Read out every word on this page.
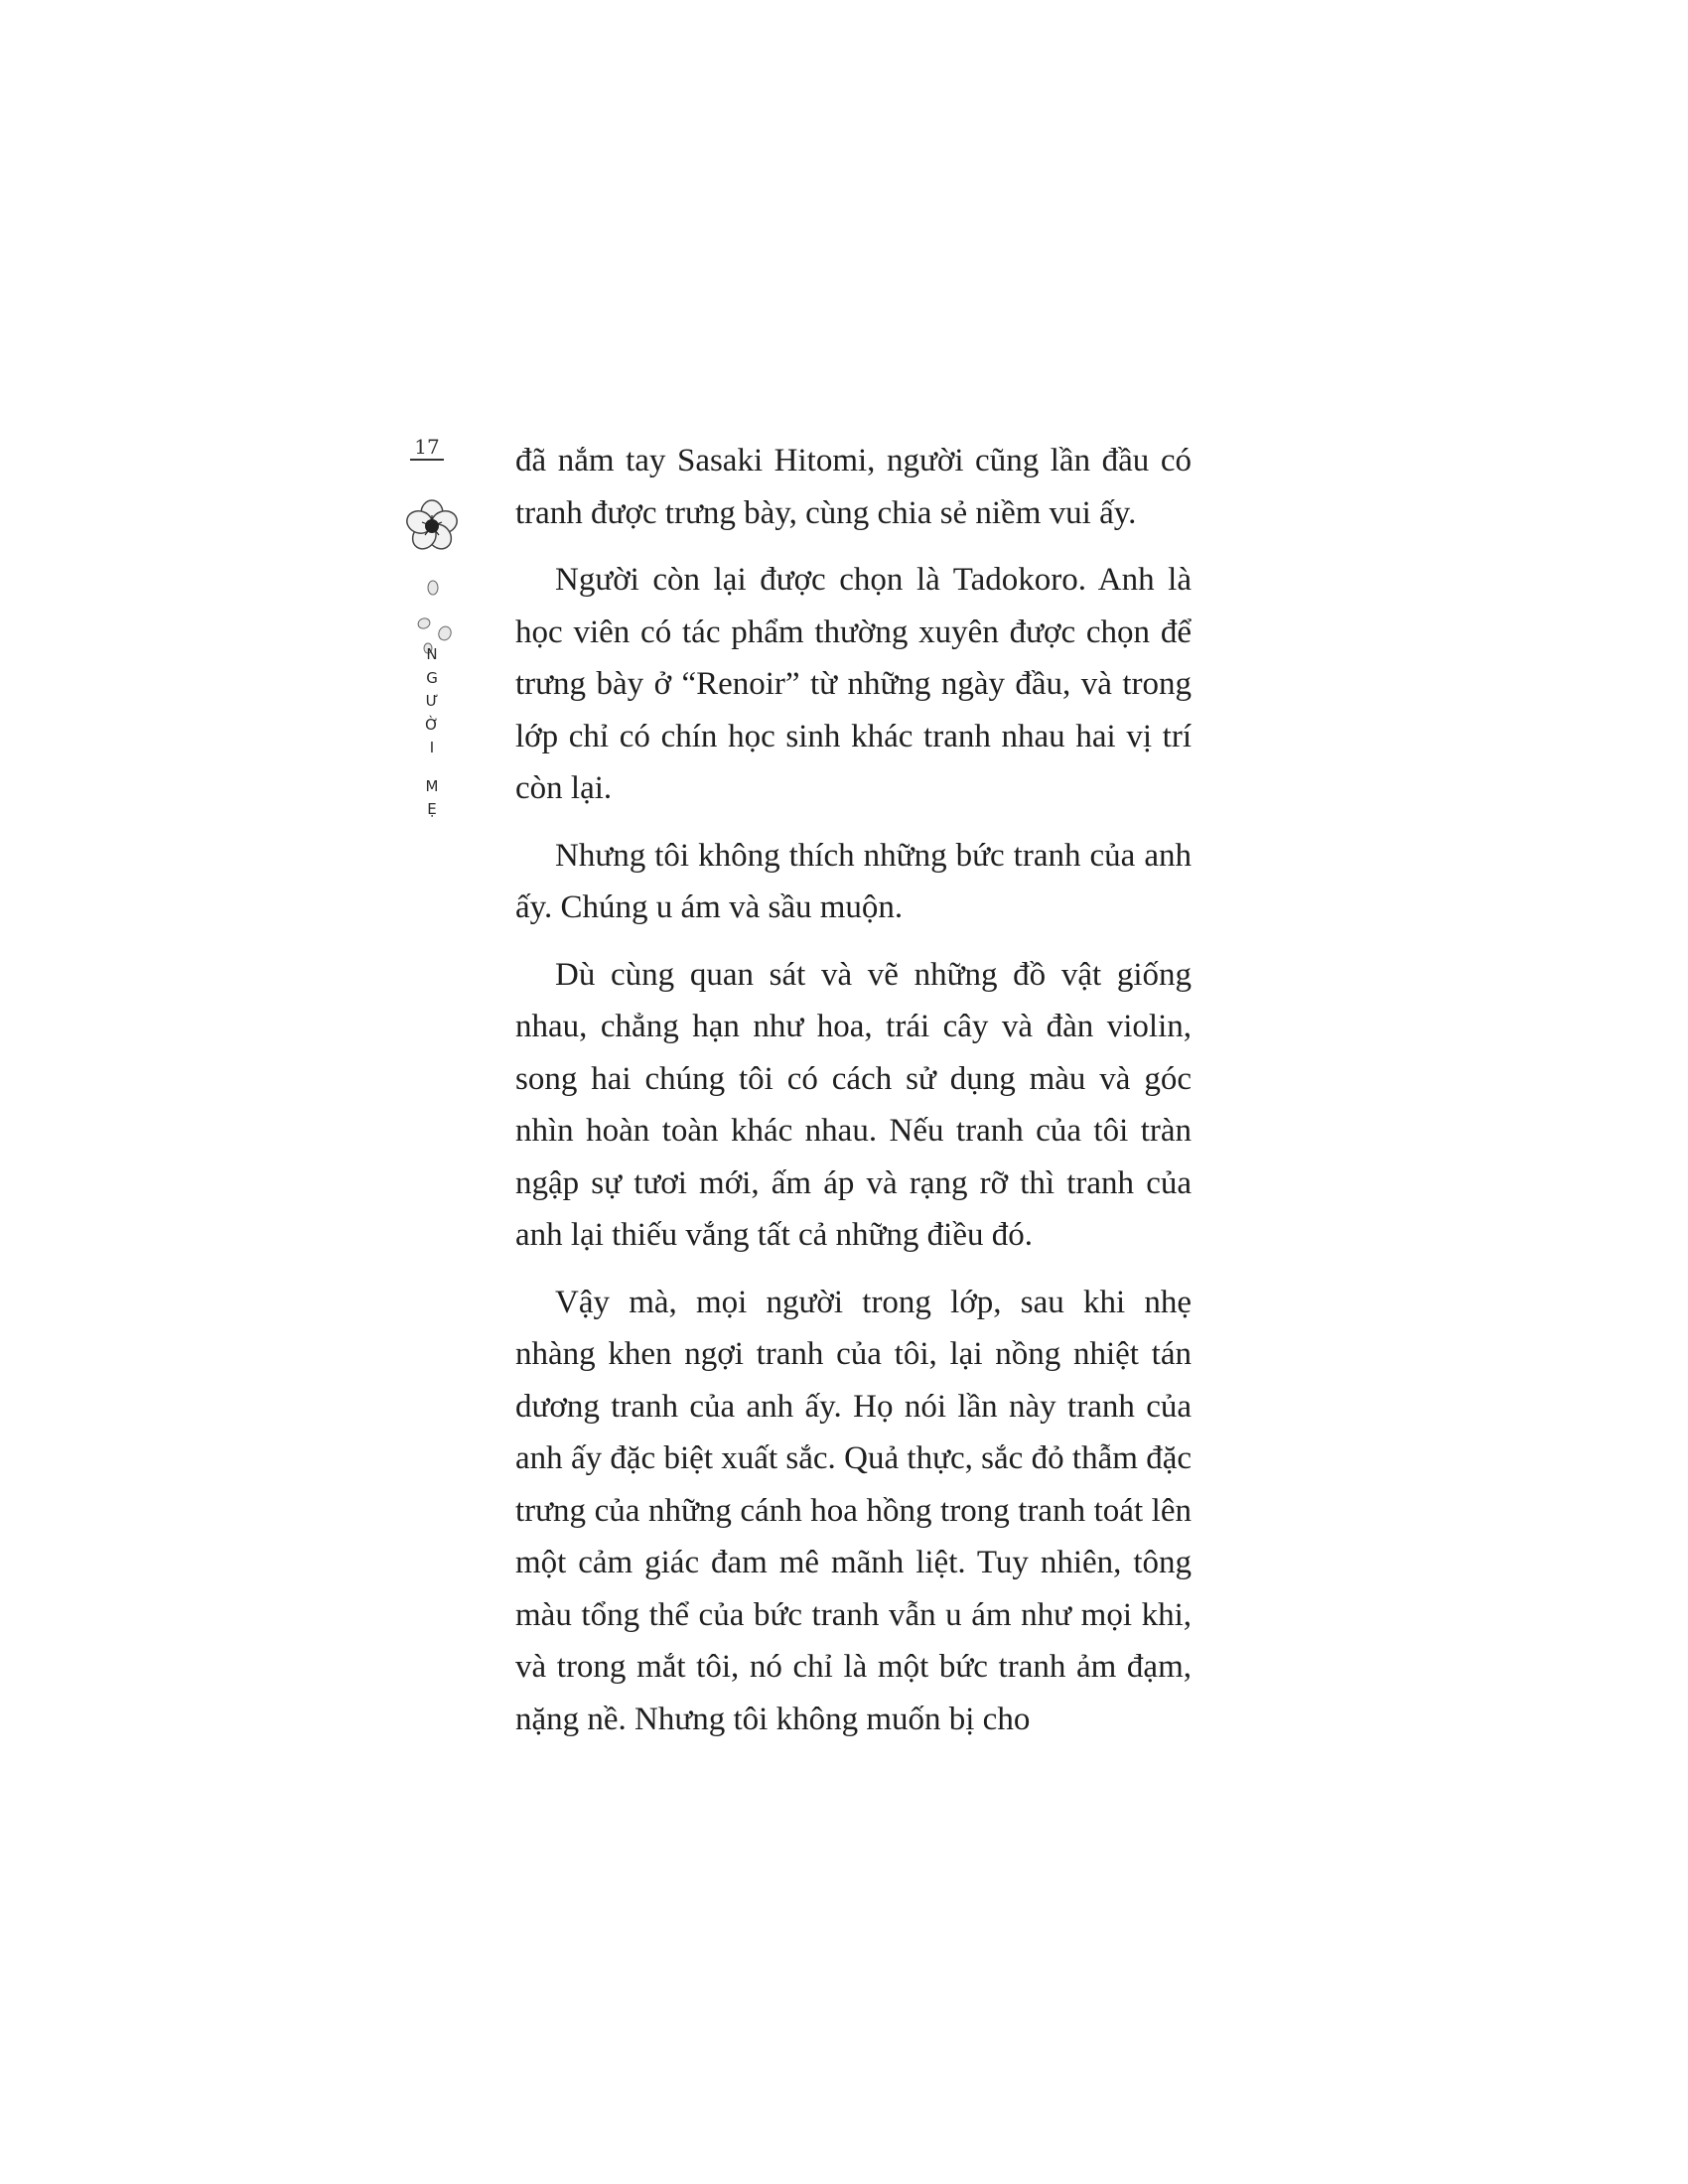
17
N
G
Ư
Ờ
I
M
Ẹ

đã nắm tay Sasaki Hitomi, người cũng lần đầu có tranh được trưng bày, cùng chia sẻ niềm vui ấy.

Người còn lại được chọn là Tadokoro. Anh là học viên có tác phẩm thường xuyên được chọn để trưng bày ở “Renoir” từ những ngày đầu, và trong lớp chỉ có chín học sinh khác tranh nhau hai vị trí còn lại.

Nhưng tôi không thích những bức tranh của anh ấy. Chúng u ám và sầu muộn.

Dù cùng quan sát và vẽ những đồ vật giống nhau, chẳng hạn như hoa, trái cây và đàn violin, song hai chúng tôi có cách sử dụng màu và góc nhìn hoàn toàn khác nhau. Nếu tranh của tôi tràn ngập sự tươi mới, ấm áp và rạng rỡ thì tranh của anh lại thiếu vắng tất cả những điều đó.

Vậy mà, mọi người trong lớp, sau khi nhẹ nhàng khen ngợi tranh của tôi, lại nồng nhiệt tán dương tranh của anh ấy. Họ nói lần này tranh của anh ấy đặc biệt xuất sắc. Quả thực, sắc đỏ thẫm đặc trưng của những cánh hoa hồng trong tranh toát lên một cảm giác đam mê mãnh liệt. Tuy nhiên, tông màu tổng thể của bức tranh vẫn u ám như mọi khi, và trong mắt tôi, nó chỉ là một bức tranh ảm đạm, nặng nề. Nhưng tôi không muốn bị cho
